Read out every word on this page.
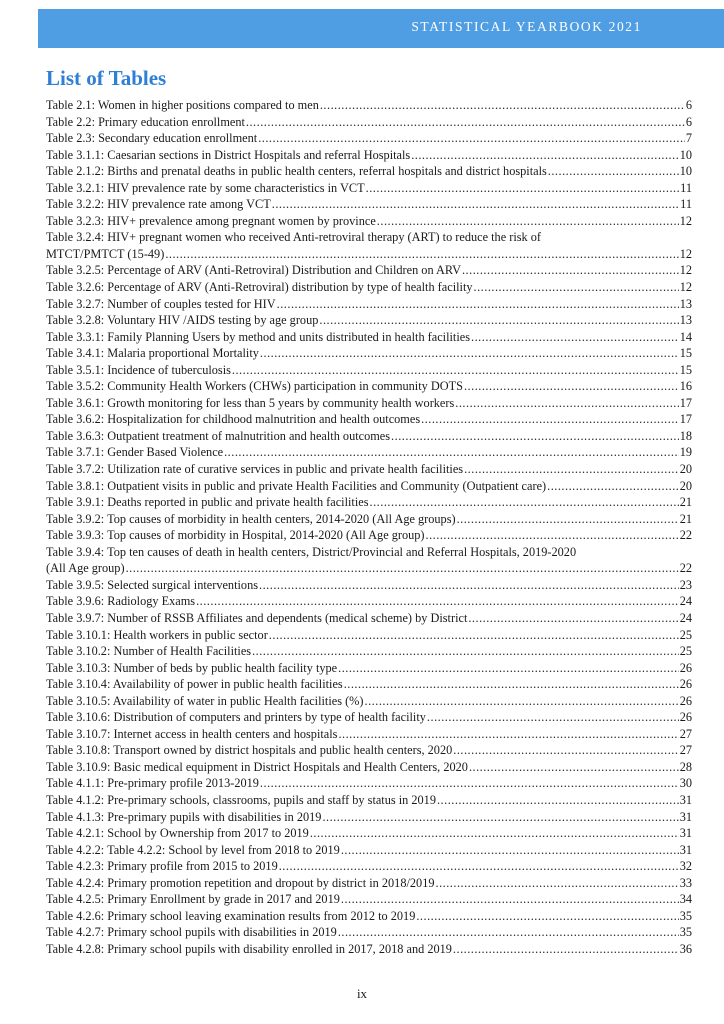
STATISTICAL YEARBOOK 2021
List of Tables
Table 2.1: Women in higher positions compared to men .....	6
Table 2.2: Primary education enrollment .....	6
Table 2.3: Secondary education enrollment .....	7
Table 3.1.1: Caesarian sections in District Hospitals and referral Hospitals .....	10
Table 2.1.2: Births and prenatal deaths in public health centers, referral hospitals and district hospitals .....	10
Table 3.2.1: HIV prevalence rate by some characteristics in VCT .....	11
Table 3.2.2: HIV prevalence rate among VCT .....	11
Table 3.2.3: HIV+ prevalence among pregnant women by province .....	12
Table 3.2.4: HIV+ pregnant women who received Anti-retroviral therapy (ART) to reduce the risk of
MTCT/PMTCT (15-49) .....	12
Table 3.2.5: Percentage of ARV (Anti-Retroviral) Distribution and Children on ARV .....	12
Table 3.2.6: Percentage of ARV (Anti-Retroviral) distribution by type of health facility .....	12
Table 3.2.7: Number of couples tested for HIV .....	13
Table 3.2.8: Voluntary HIV /AIDS testing by age group .....	13
Table 3.3.1: Family Planning Users by method and units distributed in health facilities .....	14
Table 3.4.1: Malaria proportional Mortality .....	15
Table 3.5.1: Incidence of tuberculosis .....	15
Table 3.5.2: Community Health Workers (CHWs) participation in community DOTS .....	16
Table 3.6.1: Growth monitoring for less than 5 years by community health workers .....	17
Table 3.6.2: Hospitalization for childhood malnutrition and health outcomes .....	17
Table 3.6.3: Outpatient treatment of malnutrition and health outcomes .....	18
Table 3.7.1: Gender Based Violence .....	19
Table 3.7.2: Utilization rate of curative services in public and private health facilities .....	20
Table 3.8.1: Outpatient visits in public and private Health Facilities and Community (Outpatient care) .....	20
Table 3.9.1: Deaths reported in public and private health facilities .....	21
Table 3.9.2: Top causes of morbidity in health centers, 2014-2020 (All Age groups) .....	21
Table 3.9.3: Top causes of morbidity in Hospital, 2014-2020 (All Age group) .....	22
Table 3.9.4: Top ten causes of death in health centers, District/Provincial and Referral Hospitals, 2019-2020
(All Age group) .....	22
Table 3.9.5: Selected surgical interventions .....	23
Table 3.9.6: Radiology Exams .....	24
Table 3.9.7: Number of RSSB Affiliates and dependents (medical scheme) by District .....	24
Table 3.10.1: Health workers in public sector .....	25
Table 3.10.2: Number of Health Facilities .....	25
Table 3.10.3: Number of beds by public health facility type .....	26
Table 3.10.4: Availability of power in public health facilities .....	26
Table 3.10.5: Availability of water in public Health facilities (%) .....	26
Table 3.10.6: Distribution of computers and printers by type of health facility .....	26
Table 3.10.7: Internet access in health centers and hospitals .....	27
Table 3.10.8: Transport owned by district hospitals and public health centers, 2020 .....	27
Table 3.10.9: Basic medical equipment in District Hospitals and Health Centers, 2020 .....	28
Table 4.1.1: Pre-primary profile 2013-2019 .....	30
Table 4.1.2: Pre-primary schools, classrooms, pupils and staff by status in 2019 .....	31
Table 4.1.3: Pre-primary pupils with disabilities in 2019 .....	31
Table 4.2.1: School by Ownership from 2017 to 2019 .....	31
Table 4.2.2: Table 4.2.2: School by level from 2018 to 2019 .....	31
Table 4.2.3: Primary profile from 2015 to 2019 .....	32
Table 4.2.4: Primary promotion repetition and dropout by district in 2018/2019 .....	33
Table 4.2.5: Primary Enrollment by grade in 2017 and 2019 .....	34
Table 4.2.6: Primary school leaving examination results from 2012 to 2019 .....	35
Table 4.2.7: Primary school pupils with disabilities in 2019 .....	35
Table 4.2.8: Primary school pupils with disability enrolled in 2017, 2018 and 2019 .....	36
ix
